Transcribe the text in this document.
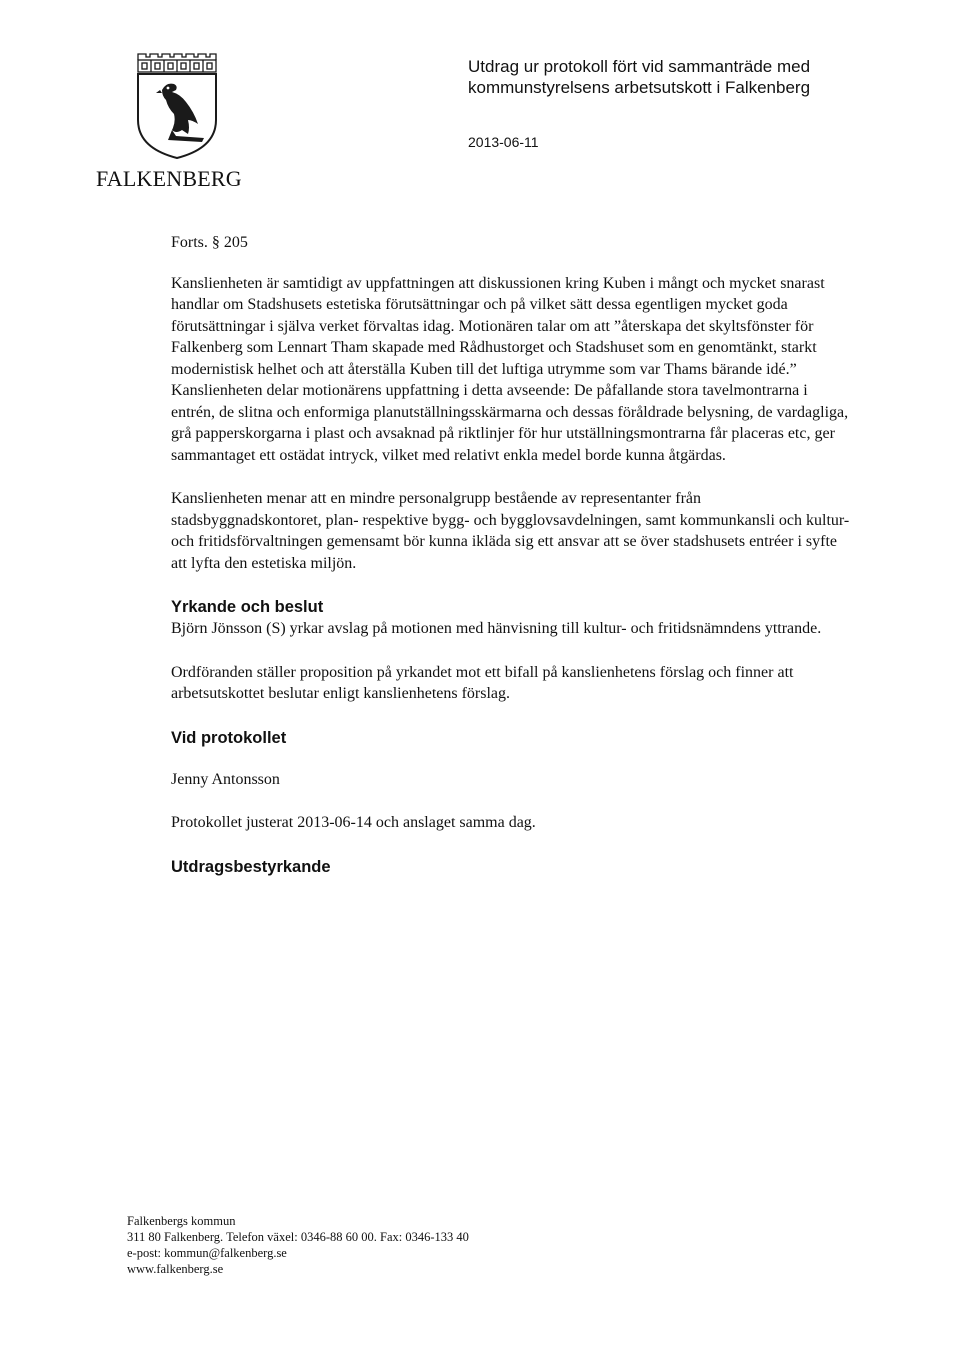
FALKENBERG
Utdrag ur protokoll fört vid sammanträde med
kommunstyrelsens arbetsutskott i Falkenberg
2013-06-11

Forts. § 205

Kanslienheten är samtidigt av uppfattningen att diskussionen kring Kuben i mångt och mycket snarast handlar om Stadshusets estetiska förutsättningar och på vilket sätt dessa egentligen mycket goda förutsättningar i själva verket förvaltas idag. Motionären talar om att ”återskapa det skyltsfönster för Falkenberg som Lennart Tham skapade med Rådhustorget och Stadshuset som en genomtänkt, starkt modernistisk helhet och att återställa Kuben till det luftiga utrymme som var Thams bärande idé.” Kanslienheten delar motionärens uppfattning i detta avseende: De påfallande stora tavelmontrarna i entrén, de slitna och enformiga planutställningsskärmarna och dessas föråldrade belysning, de vardagliga, grå papperskorgarna i plast och avsaknad på riktlinjer för hur utställningsmontrarna får placeras etc, ger sammantaget ett ostädat intryck, vilket med relativt enkla medel borde kunna åtgärdas.

Kanslienheten menar att en mindre personalgrupp bestående av representanter från stadsbyggnadskontoret, plan- respektive bygg- och bygglovsavdelningen, samt kommunkansli och kultur- och fritidsförvaltningen gemensamt bör kunna ikläda sig ett ansvar att se över stadshusets entréer i syfte att lyfta den estetiska miljön.

Yrkande och beslut

Björn Jönsson (S) yrkar avslag på motionen med hänvisning till kultur- och fritidsnämndens yttrande.

Ordföranden ställer proposition på yrkandet mot ett bifall på kanslienhetens förslag och finner att arbetsutskottet beslutar enligt kanslienhetens förslag.

Vid protokollet

Jenny Antonsson

Protokollet justerat 2013-06-14 och anslaget samma dag.

Utdragsbestyrkande
Falkenbergs kommun
311 80 Falkenberg. Telefon växel: 0346-88 60 00. Fax: 0346-133 40
e-post: kommun@falkenberg.se
www.falkenberg.se
